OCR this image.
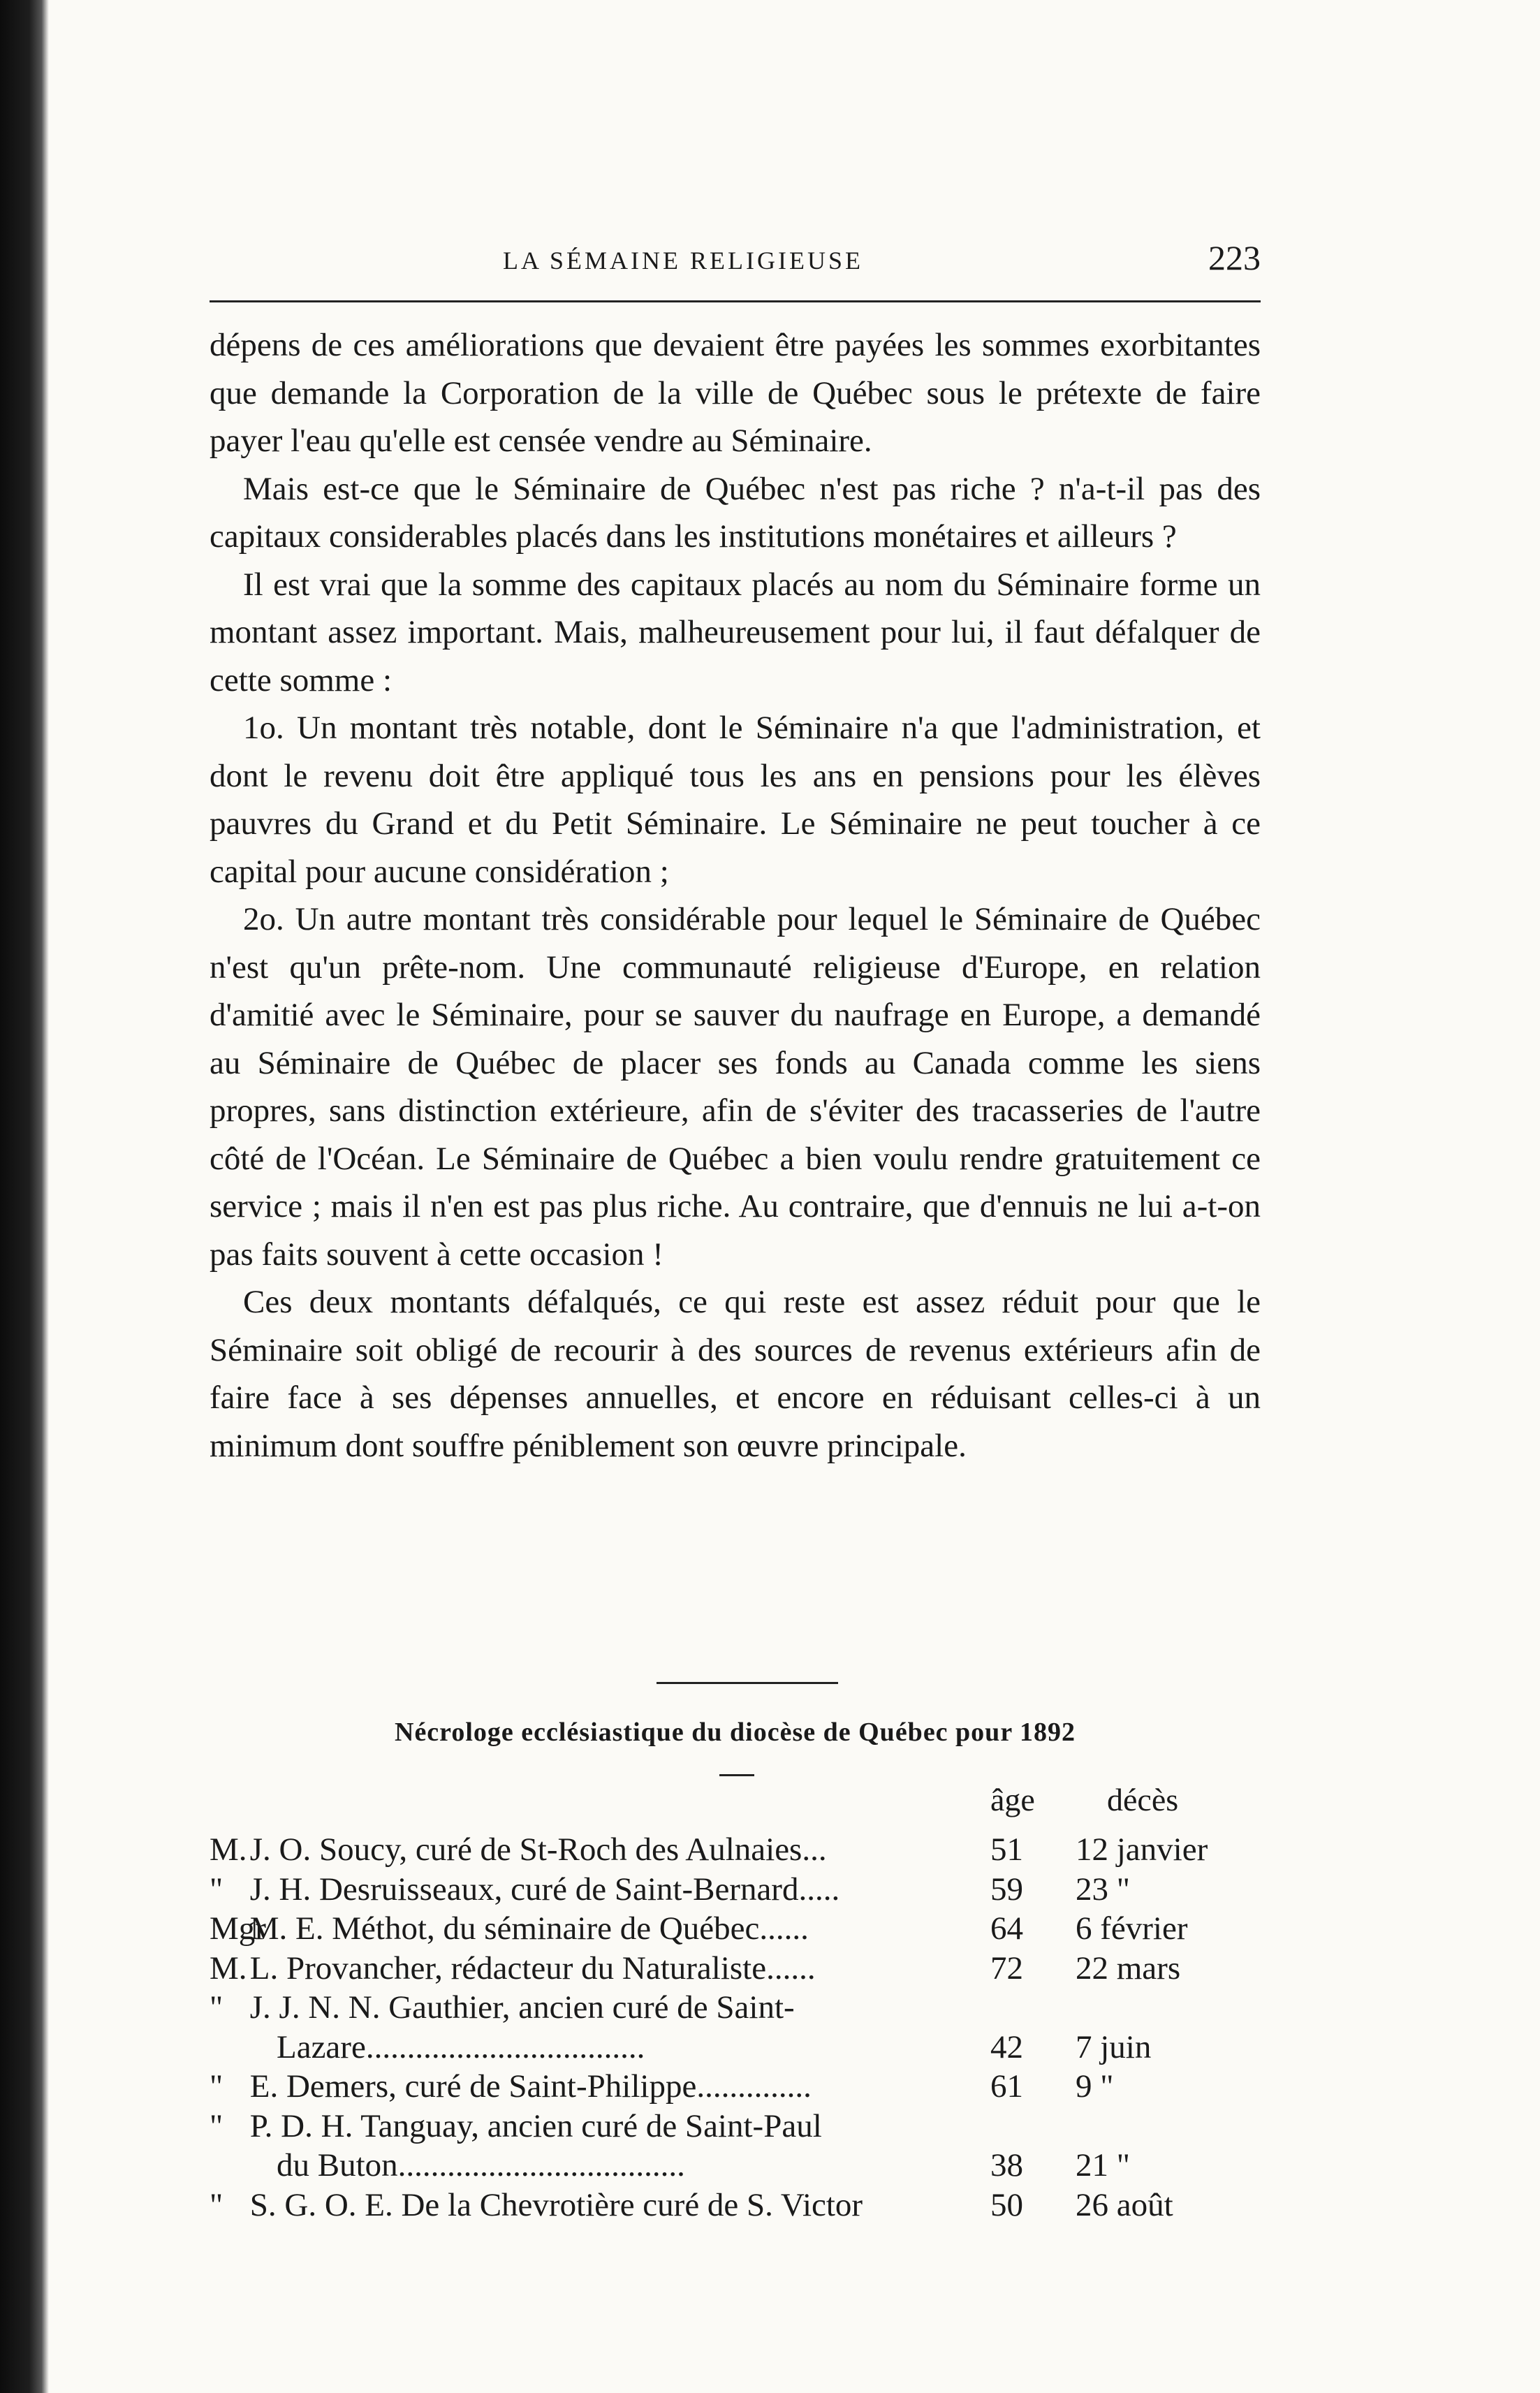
LA SÉMAINE RELIGIEUSE	223

dépens de ces améliorations que devaient être payées les sommes exorbitantes que demande la Corporation de la ville de Québec sous le prétexte de faire payer l'eau qu'elle est censée vendre au Séminaire.

Mais est-ce que le Séminaire de Québec n'est pas riche ? n'a-t-il pas des capitaux considerables placés dans les institutions monétaires et ailleurs ?

Il est vrai que la somme des capitaux placés au nom du Séminaire forme un montant assez important. Mais, malheureusement pour lui, il faut défalquer de cette somme :

1o. Un montant très notable, dont le Séminaire n'a que l'administration, et dont le revenu doit être appliqué tous les ans en pensions pour les élèves pauvres du Grand et du Petit Séminaire. Le Séminaire ne peut toucher à ce capital pour aucune considération ;

2o. Un autre montant très considérable pour lequel le Séminaire de Québec n'est qu'un prête-nom. Une communauté religieuse d'Europe, en relation d'amitié avec le Séminaire, pour se sauver du naufrage en Europe, a demandé au Séminaire de Québec de placer ses fonds au Canada comme les siens propres, sans distinction extérieure, afin de s'éviter des tracasseries de l'autre côté de l'Océan. Le Séminaire de Québec a bien voulu rendre gratuitement ce service ; mais il n'en est pas plus riche. Au contraire, que d'ennuis ne lui a-t-on pas faits souvent à cette occasion !

Ces deux montants défalqués, ce qui reste est assez réduit pour que le Séminaire soit obligé de recourir à des sources de revenus extérieurs afin de faire face à ses dépenses annuelles, et encore en réduisant celles-ci à un minimum dont souffre péniblement son œuvre principale.

Nécrologe ecclésiastique du diocèse de Québec pour 1892
âge décès
M. J. O. Soucy, curé de St-Roch des Aulnaies...	51 12 janvier
" J. H. Desruisseaux, curé de Saint-Bernard.....	59 23 "
Mgr M. E. Méthot, du séminaire de Québec......	64 6 février
M. L. Provancher, rédacteur du Naturaliste......	72 22 mars
" J. J. N. N. Gauthier, ancien curé de Saint-
Lazare..................................	42 7 juin
" E. Demers, curé de Saint-Philippe..............	61 9 "
" P. D. H. Tanguay, ancien curé de Saint-Paul
du Buton...................................	38 21 "
" S. G. O. E. De la Chevrotière curé de S. Victor	50 26 août
